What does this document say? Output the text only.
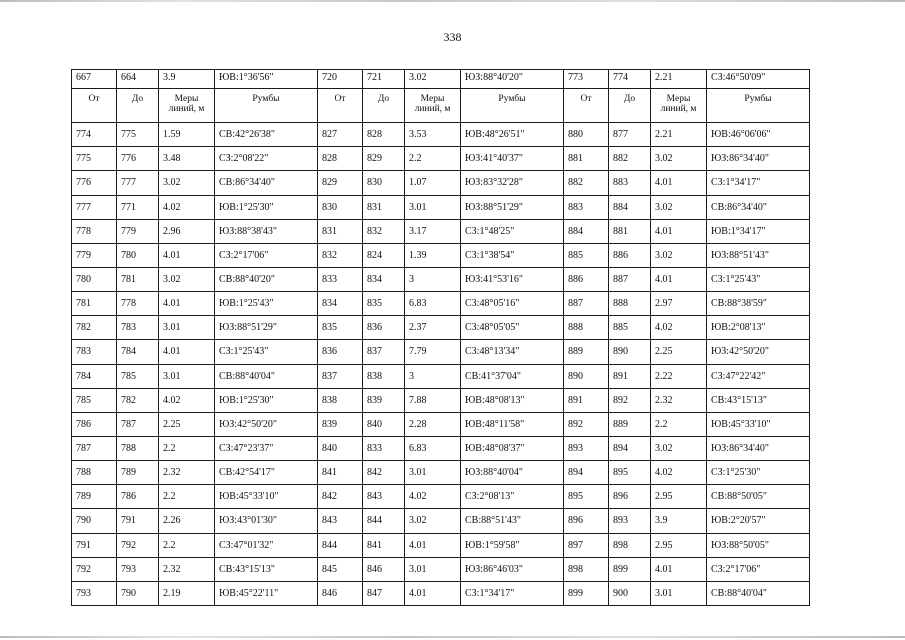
338
667	664	3.9	ЮВ:1°36'56"	720	721	3.02	ЮЗ:88°40'20"	773	774	2.21	СЗ:46°50'09"
От	До	Меры линий, м	Румбы	От	До	Меры линий, м	Румбы	От	До	Меры линий, м	Румбы
774	775	1.59	СВ:42°26'38"	827	828	3.53	ЮВ:48°26'51"	880	877	2.21	ЮВ:46°06'06"
775	776	3.48	СЗ:2°08'22"	828	829	2.2	ЮЗ:41°40'37"	881	882	3.02	ЮЗ:86°34'40"
776	777	3.02	СВ:86°34'40"	829	830	1.07	ЮЗ:83°32'28"	882	883	4.01	СЗ:1°34'17"
777	771	4.02	ЮВ:1°25'30"	830	831	3.01	ЮЗ:88°51'29"	883	884	3.02	СВ:86°34'40"
778	779	2.96	ЮЗ:88°38'43"	831	832	3.17	СЗ:1°48'25"	884	881	4.01	ЮВ:1°34'17"
779	780	4.01	СЗ:2°17'06"	832	824	1.39	СЗ:1°38'54"	885	886	3.02	ЮЗ:88°51'43"
780	781	3.02	СВ:88°40'20"	833	834	3	ЮЗ:41°53'16"	886	887	4.01	СЗ:1°25'43"
781	778	4.01	ЮВ:1°25'43"	834	835	6.83	СЗ:48°05'16"	887	888	2.97	СВ:88°38'59"
782	783	3.01	ЮЗ:88°51'29"	835	836	2.37	СЗ:48°05'05"	888	885	4.02	ЮВ:2°08'13"
783	784	4.01	СЗ:1°25'43"	836	837	7.79	СЗ:48°13'34"	889	890	2.25	ЮЗ:42°50'20"
784	785	3.01	СВ:88°40'04"	837	838	3	СВ:41°37'04"	890	891	2.22	СЗ:47°22'42"
785	782	4.02	ЮВ:1°25'30"	838	839	7.88	ЮВ:48°08'13"	891	892	2.32	СВ:43°15'13"
786	787	2.25	ЮЗ:42°50'20"	839	840	2.28	ЮВ:48°11'58"	892	889	2.2	ЮВ:45°33'10"
787	788	2.2	СЗ:47°23'37"	840	833	6.83	ЮВ:48°08'37"	893	894	3.02	ЮЗ:86°34'40"
788	789	2.32	СВ:42°54'17"	841	842	3.01	ЮЗ:88°40'04"	894	895	4.02	СЗ:1°25'30"
789	786	2.2	ЮВ:45°33'10"	842	843	4.02	СЗ:2°08'13"	895	896	2.95	СВ:88°50'05"
790	791	2.26	ЮЗ:43°01'30"	843	844	3.02	СВ:88°51'43"	896	893	3.9	ЮВ:2°20'57"
791	792	2.2	СЗ:47°01'32"	844	841	4.01	ЮВ:1°59'58"	897	898	2.95	ЮЗ:88°50'05"
792	793	2.32	СВ:43°15'13"	845	846	3.01	ЮЗ:86°46'03"	898	899	4.01	СЗ:2°17'06"
793	790	2.19	ЮВ:45°22'11"	846	847	4.01	СЗ:1°34'17"	899	900	3.01	СВ:88°40'04"
